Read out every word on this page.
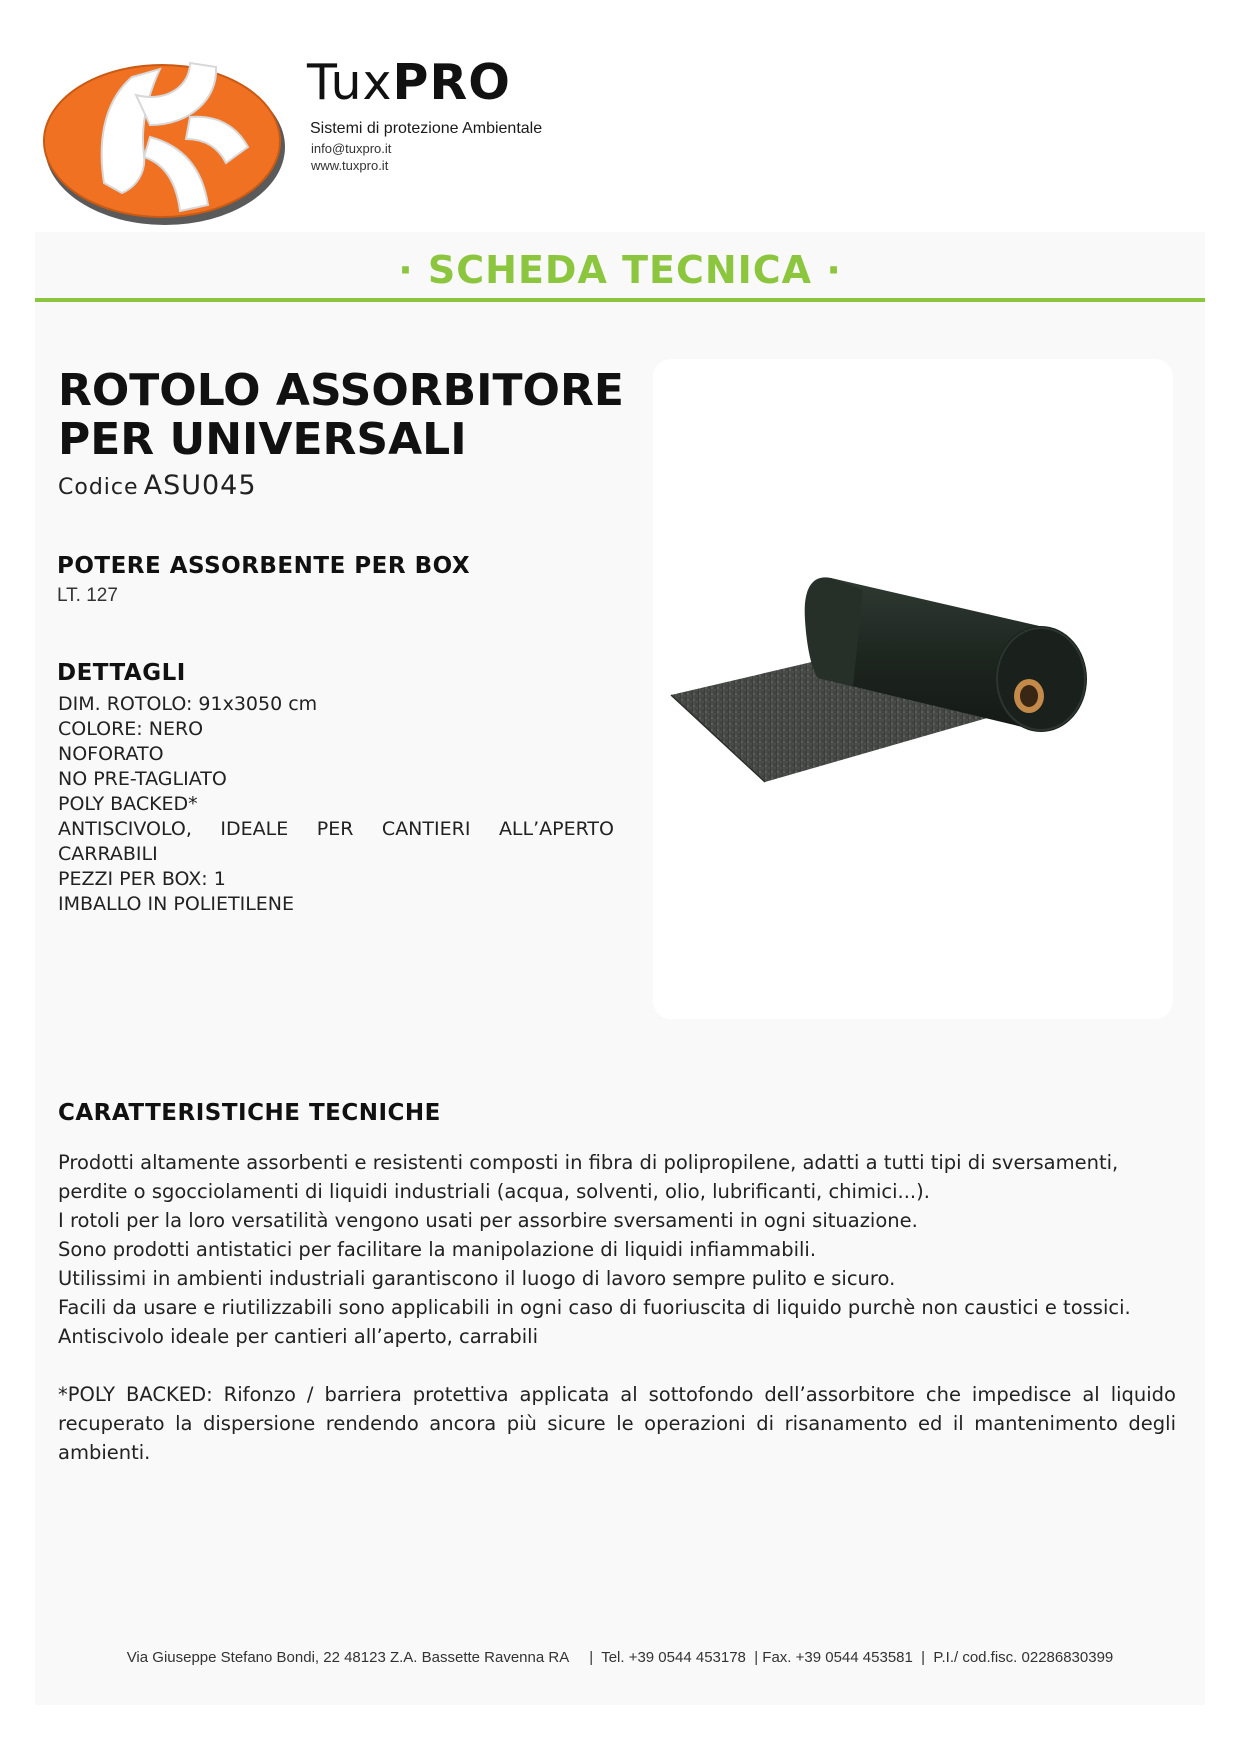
TuxPRO
Sistemi di protezione Ambientale
info@tuxpro.it
www.tuxpro.it
· SCHEDA TECNICA ·
ROTOLO ASSORBITORE
PER UNIVERSALI
Codice ASU045
POTERE ASSORBENTE PER BOX
LT. 127
DETTAGLI
DIM. ROTOLO: 91x3050 cm
COLORE: NERO
NOFORATO
NO PRE-TAGLIATO
POLY BACKED*
ANTISCIVOLO, IDEALE PER CANTIERI ALL’APERTO
CARRABILI
PEZZI PER BOX: 1
IMBALLO IN POLIETILENE
CARATTERISTICHE TECNICHE

Prodotti altamente assorbenti e resistenti composti in fibra di polipropilene, adatti a tutti tipi di sversamenti, perdite o sgocciolamenti di liquidi industriali (acqua, solventi, olio, lubrificanti, chimici...).

I rotoli per la loro versatilità vengono usati per assorbire sversamenti in ogni situazione.

Sono prodotti antistatici per facilitare la manipolazione di liquidi infiammabili.

Utilissimi in ambienti industriali garantiscono il luogo di lavoro sempre pulito e sicuro.

Facili da usare e riutilizzabili sono applicabili in ogni caso di fuoriuscita di liquido purchè non caustici e tossici.

Antiscivolo ideale per cantieri all’aperto, carrabili

*POLY BACKED: Rifonzo / barriera protettiva applicata al sottofondo dell’assorbitore che impedisce al liquido recuperato la dispersione rendendo ancora più sicure le operazioni di risanamento ed il mantenimento degli ambienti.
Via Giuseppe Stefano Bondi, 22 48123 Z.A. Bassette Ravenna RA     |  Tel. +39 0544 453178  | Fax. +39 0544 453581  |  P.I./ cod.fisc. 02286830399
